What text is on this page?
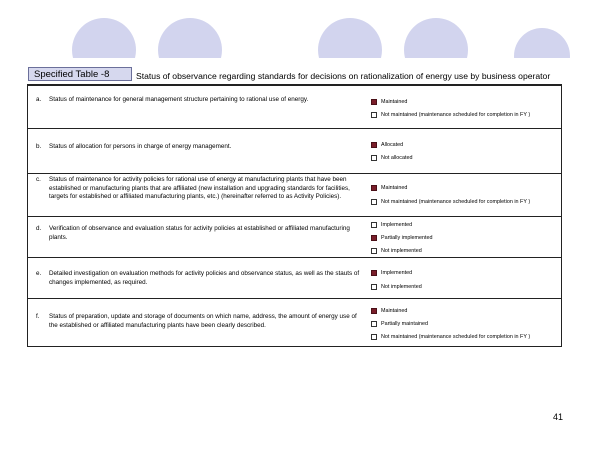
Specified Table -8	Status of observance regarding standards for decisions on rationalization of energy use by business operator
a. Status of maintenance for general management structure pertaining to rational use of energy.	Maintained
Not maintained (maintenance scheduled for completion in FY )
b. Status of allocation for persons in charge of energy management.	Allocated
Not allocated
c. Status of maintenance for activity policies for rational use of energy at manufacturing plants that have been established or manufacturing plants that are affiliated (new installation and upgrading standards for facilities, targets for established or affiliated manufacturing plants, etc.) (hereinafter referred to as Activity Policies).
Maintained
Not maintained (maintenance scheduled for completion in FY )
d. Verification of observance and evaluation status for activity policies at established or affiliated manufacturing plants.
Implemented
Partially implemented
Not implemented
e. Detailed investigation on evaluation methods for activity policies and observance status, as well as the stauts of changes implemented, as required.
Implemented
Not implemented
f. Status of preparation, update and storage of documents on which name, address, the amount of energy use of the established or affiliated manufacturing plants have been clearly described.
Maintained
Partially maintained
Not maintained (maintenance scheduled for completion in FY )
41
